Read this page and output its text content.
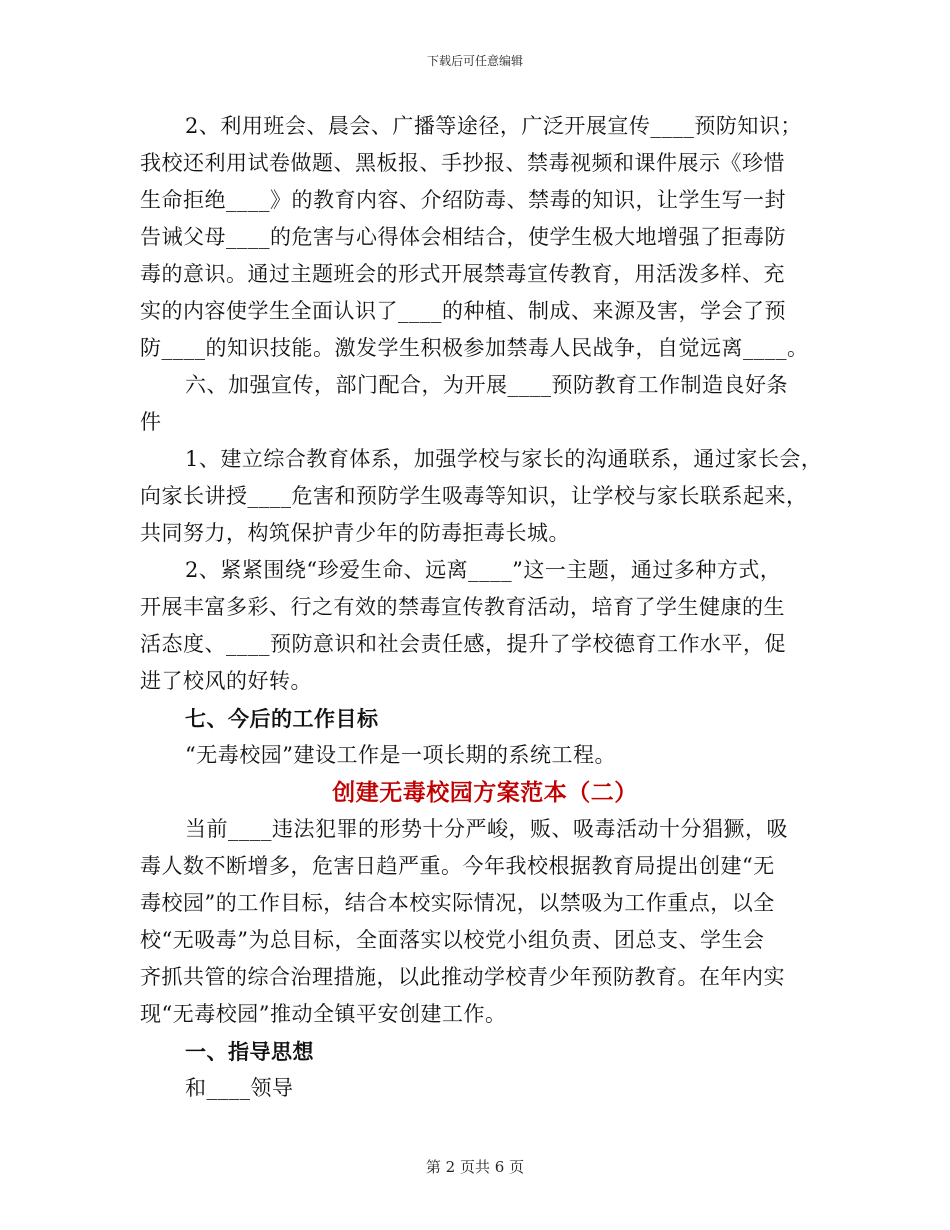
下载后可任意编辑
2、利用班会、晨会、广播等途径，广泛开展宣传____预防知识；
我校还利用试卷做题、黑板报、手抄报、禁毒视频和课件展示《珍惜
生命拒绝____》的教育内容、介绍防毒、禁毒的知识，让学生写一封
告诫父母____的危害与心得体会相结合，使学生极大地增强了拒毒防
毒的意识。通过主题班会的形式开展禁毒宣传教育，用活泼多样、充
实的内容使学生全面认识了____的种植、制成、来源及害，学会了预
防____的知识技能。激发学生积极参加禁毒人民战争，自觉远离____。
六、加强宣传，部门配合，为开展____预防教育工作制造良好条
件
1、建立综合教育体系，加强学校与家长的沟通联系，通过家长会，
向家长讲授____危害和预防学生吸毒等知识，让学校与家长联系起来，
共同努力，构筑保护青少年的防毒拒毒长城。
2、紧紧围绕“珍爱生命、远离____”这一主题，通过多种方式，
开展丰富多彩、行之有效的禁毒宣传教育活动，培育了学生健康的生
活态度、____预防意识和社会责任感，提升了学校德育工作水平，促
进了校风的好转。
七、今后的工作目标
“无毒校园”建设工作是一项长期的系统工程。
创建无毒校园方案范本（二）
当前____违法犯罪的形势十分严峻，贩、吸毒活动十分猖獗，吸
毒人数不断增多，危害日趋严重。今年我校根据教育局提出创建“无
毒校园”的工作目标，结合本校实际情况，以禁吸为工作重点，以全
校“无吸毒”为总目标，全面落实以校党小组负责、团总支、学生会
齐抓共管的综合治理措施，以此推动学校青少年预防教育。在年内实
现“无毒校园”推动全镇平安创建工作。
一、指导思想
和____领导
第 2 页共 6 页
